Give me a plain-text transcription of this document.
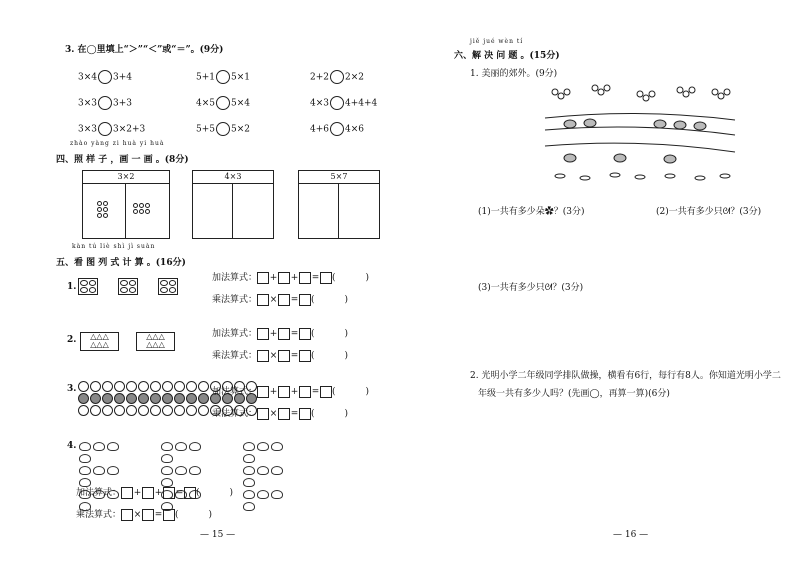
3. 在◯里填上“＞”“＜”或“＝”。(9分)
3×4 3+4	5+1 5×1	2+2 2×2
3×3 3+3	4×5 5×4	4×3 4+4+4
3×3 3×2+3	5+5 5×2	4+6 4×6
zhào yàng zi huà yi huà
四、照 样 子 ，画 一 画 。(8分)
3×2	4×3	5×7
kàn tú liè shì jì suàn
五、看 图 列 式 计 算 。(16分)
1.
2.	△△△
△△△
△△△
△△△
3.
4.

加法算式： + + = (	)
乘法算式： × = (	)
加法算式： + = (	)
乘法算式： × = (	)
加法算式： + + = (	)
乘法算式： × = (	)
加法算式： + + = (	)
乘法算式： × = (	)
— 15 —
jiě jué wèn tí
六、解 决 问 题 。(15分)
1. 美丽的郊外。(9分)
(1)一共有多少朵✿？(3分)	(2)一共有多少只ᘛ？(3分)
(3)一共有多少只ᘛ？(3分)
2. 光明小学二年级同学排队做操，横看有6行，每行有8人。你知道光明小学二
年级一共有多少人吗？(先画◯，再算一算)(6分)
— 16 —
